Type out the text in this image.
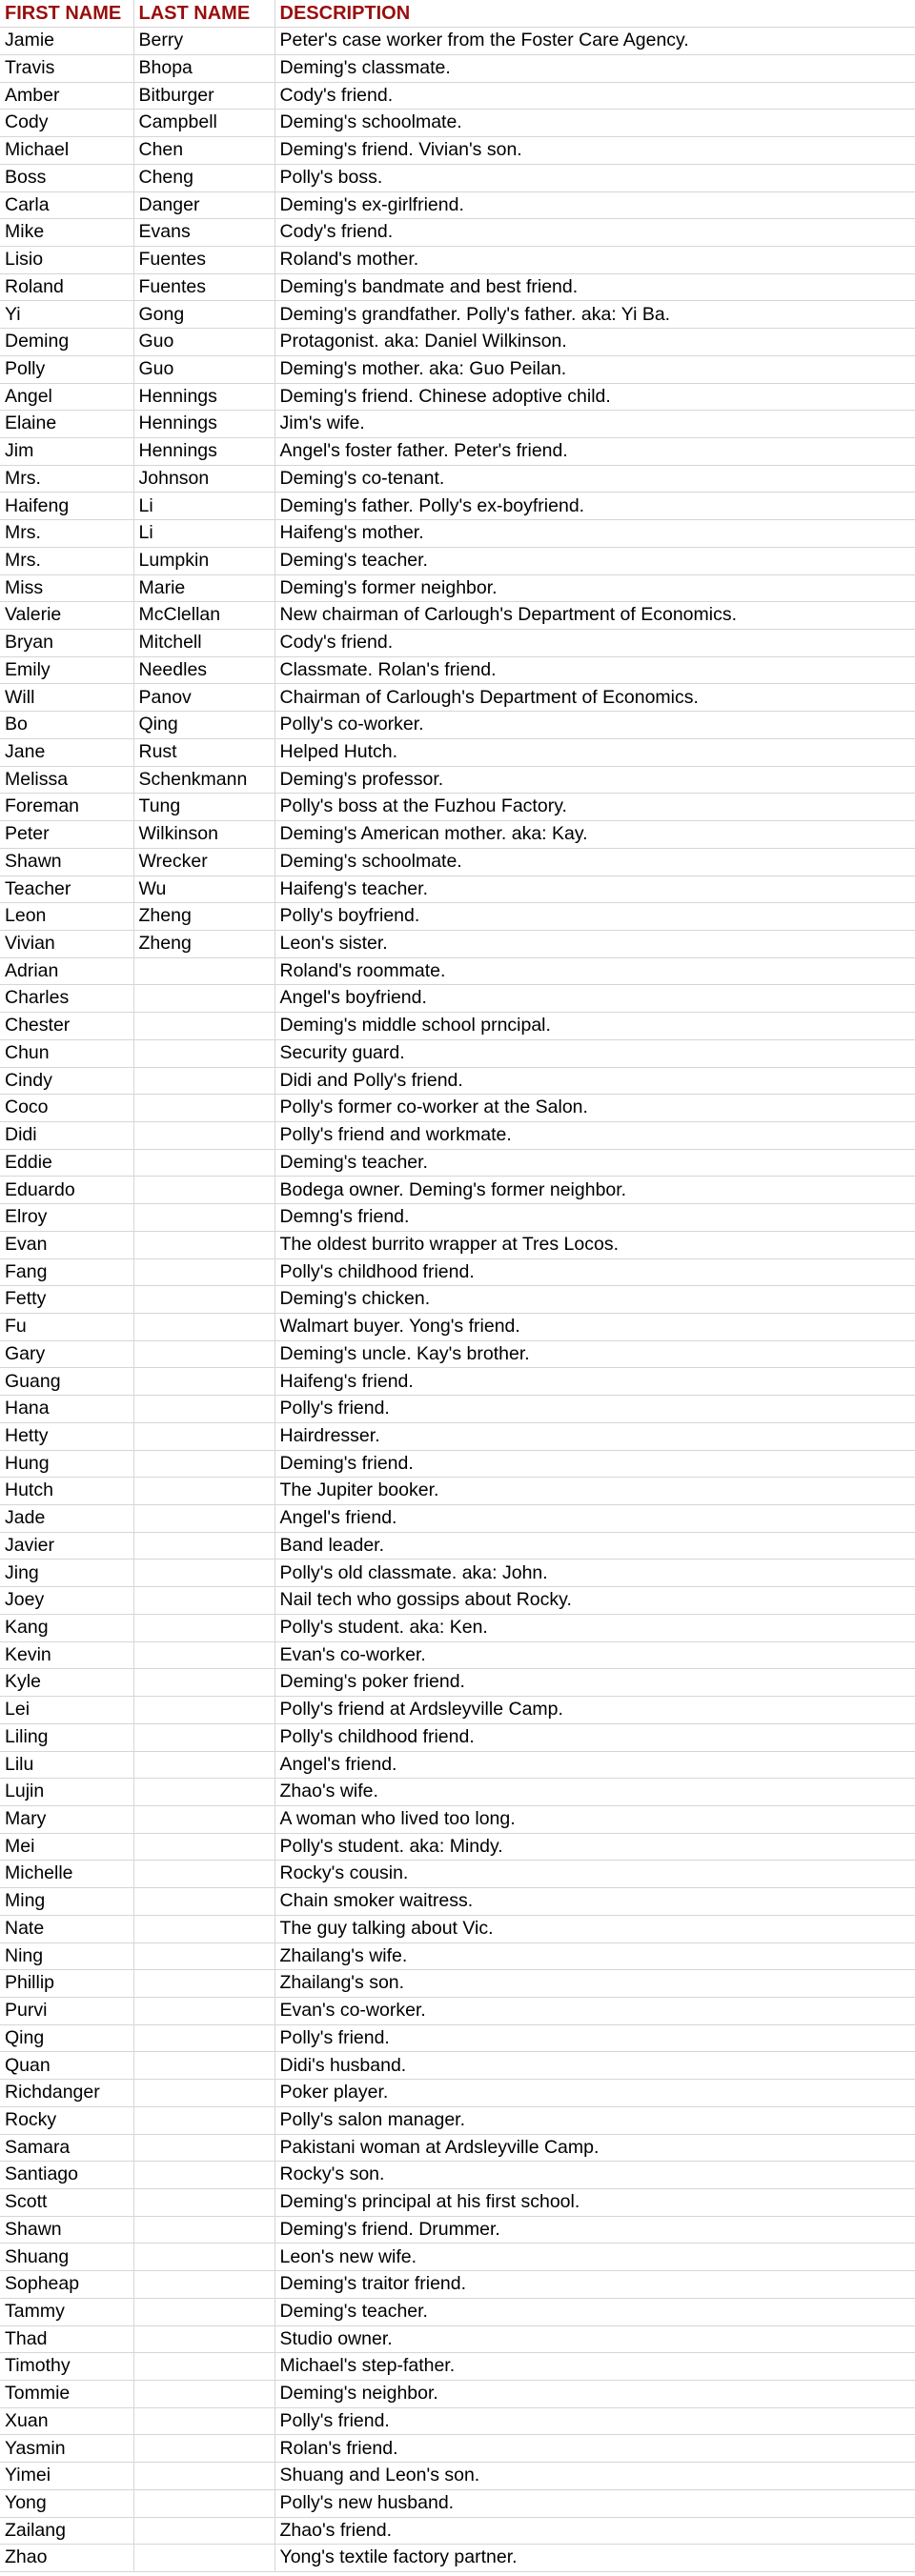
FIRST NAME	LAST NAME	DESCRIPTION
Jamie	Berry	Peter's case worker from the Foster Care Agency.
Travis	Bhopa	Deming's classmate.
Amber	Bitburger	Cody's friend.
Cody	Campbell	Deming's schoolmate.
Michael	Chen	Deming's friend. Vivian's son.
Boss	Cheng	Polly's boss.
Carla	Danger	Deming's ex-girlfriend.
Mike	Evans	Cody's friend.
Lisio	Fuentes	Roland's mother.
Roland	Fuentes	Deming's bandmate and best friend.
Yi	Gong	Deming's grandfather. Polly's father. aka: Yi Ba.
Deming	Guo	Protagonist. aka: Daniel Wilkinson.
Polly	Guo	Deming's mother. aka: Guo Peilan.
Angel	Hennings	Deming's friend. Chinese adoptive child.
Elaine	Hennings	Jim's wife.
Jim	Hennings	Angel's foster father. Peter's friend.
Mrs.	Johnson	Deming's co-tenant.
Haifeng	Li	Deming's father. Polly's ex-boyfriend.
Mrs.	Li	Haifeng's mother.
Mrs.	Lumpkin	Deming's teacher.
Miss	Marie	Deming's former neighbor.
Valerie	McClellan	New chairman of Carlough's Department of Economics.
Bryan	Mitchell	Cody's friend.
Emily	Needles	Classmate. Rolan's friend.
Will	Panov	Chairman of Carlough's Department of Economics.
Bo	Qing	Polly's co-worker.
Jane	Rust	Helped Hutch.
Melissa	Schenkmann	Deming's professor.
Foreman	Tung	Polly's boss at the Fuzhou Factory.
Peter	Wilkinson	Deming's American mother. aka: Kay.
Shawn	Wrecker	Deming's schoolmate.
Teacher	Wu	Haifeng's teacher.
Leon	Zheng	Polly's boyfriend.
Vivian	Zheng	Leon's sister.
Adrian		Roland's roommate.
Charles		Angel's boyfriend.
Chester		Deming's middle school prncipal.
Chun		Security guard.
Cindy		Didi and Polly's friend.
Coco		Polly's former co-worker at the Salon.
Didi		Polly's friend and workmate.
Eddie		Deming's teacher.
Eduardo		Bodega owner. Deming's former neighbor.
Elroy		Demng's friend.
Evan		The oldest burrito wrapper at Tres Locos.
Fang		Polly's childhood friend.
Fetty		Deming's chicken.
Fu		Walmart buyer. Yong's friend.
Gary		Deming's uncle. Kay's brother.
Guang		Haifeng's friend.
Hana		Polly's friend.
Hetty		Hairdresser.
Hung		Deming's friend.
Hutch		The Jupiter booker.
Jade		Angel's friend.
Javier		Band leader.
Jing		Polly's old classmate. aka: John.
Joey		Nail tech who gossips about Rocky.
Kang		Polly's student. aka: Ken.
Kevin		Evan's co-worker.
Kyle		Deming's poker friend.
Lei		Polly's friend at Ardsleyville Camp.
Liling		Polly's childhood friend.
Lilu		Angel's friend.
Lujin		Zhao's wife.
Mary		A woman who lived too long.
Mei		Polly's student. aka: Mindy.
Michelle		Rocky's cousin.
Ming		Chain smoker waitress.
Nate		The guy talking about Vic.
Ning		Zhailang's wife.
Phillip		Zhailang's son.
Purvi		Evan's co-worker.
Qing		Polly's friend.
Quan		Didi's husband.
Richdanger		Poker player.
Rocky		Polly's salon manager.
Samara		Pakistani woman at Ardsleyville Camp.
Santiago		Rocky's son.
Scott		Deming's principal at his first school.
Shawn		Deming's friend. Drummer.
Shuang		Leon's new wife.
Sopheap		Deming's traitor friend.
Tammy		Deming's teacher.
Thad		Studio owner.
Timothy		Michael's step-father.
Tommie		Deming's neighbor.
Xuan		Polly's friend.
Yasmin		Rolan's friend.
Yimei		Shuang and Leon's son.
Yong		Polly's new husband.
Zailang		Zhao's friend.
Zhao		Yong's textile factory partner.
